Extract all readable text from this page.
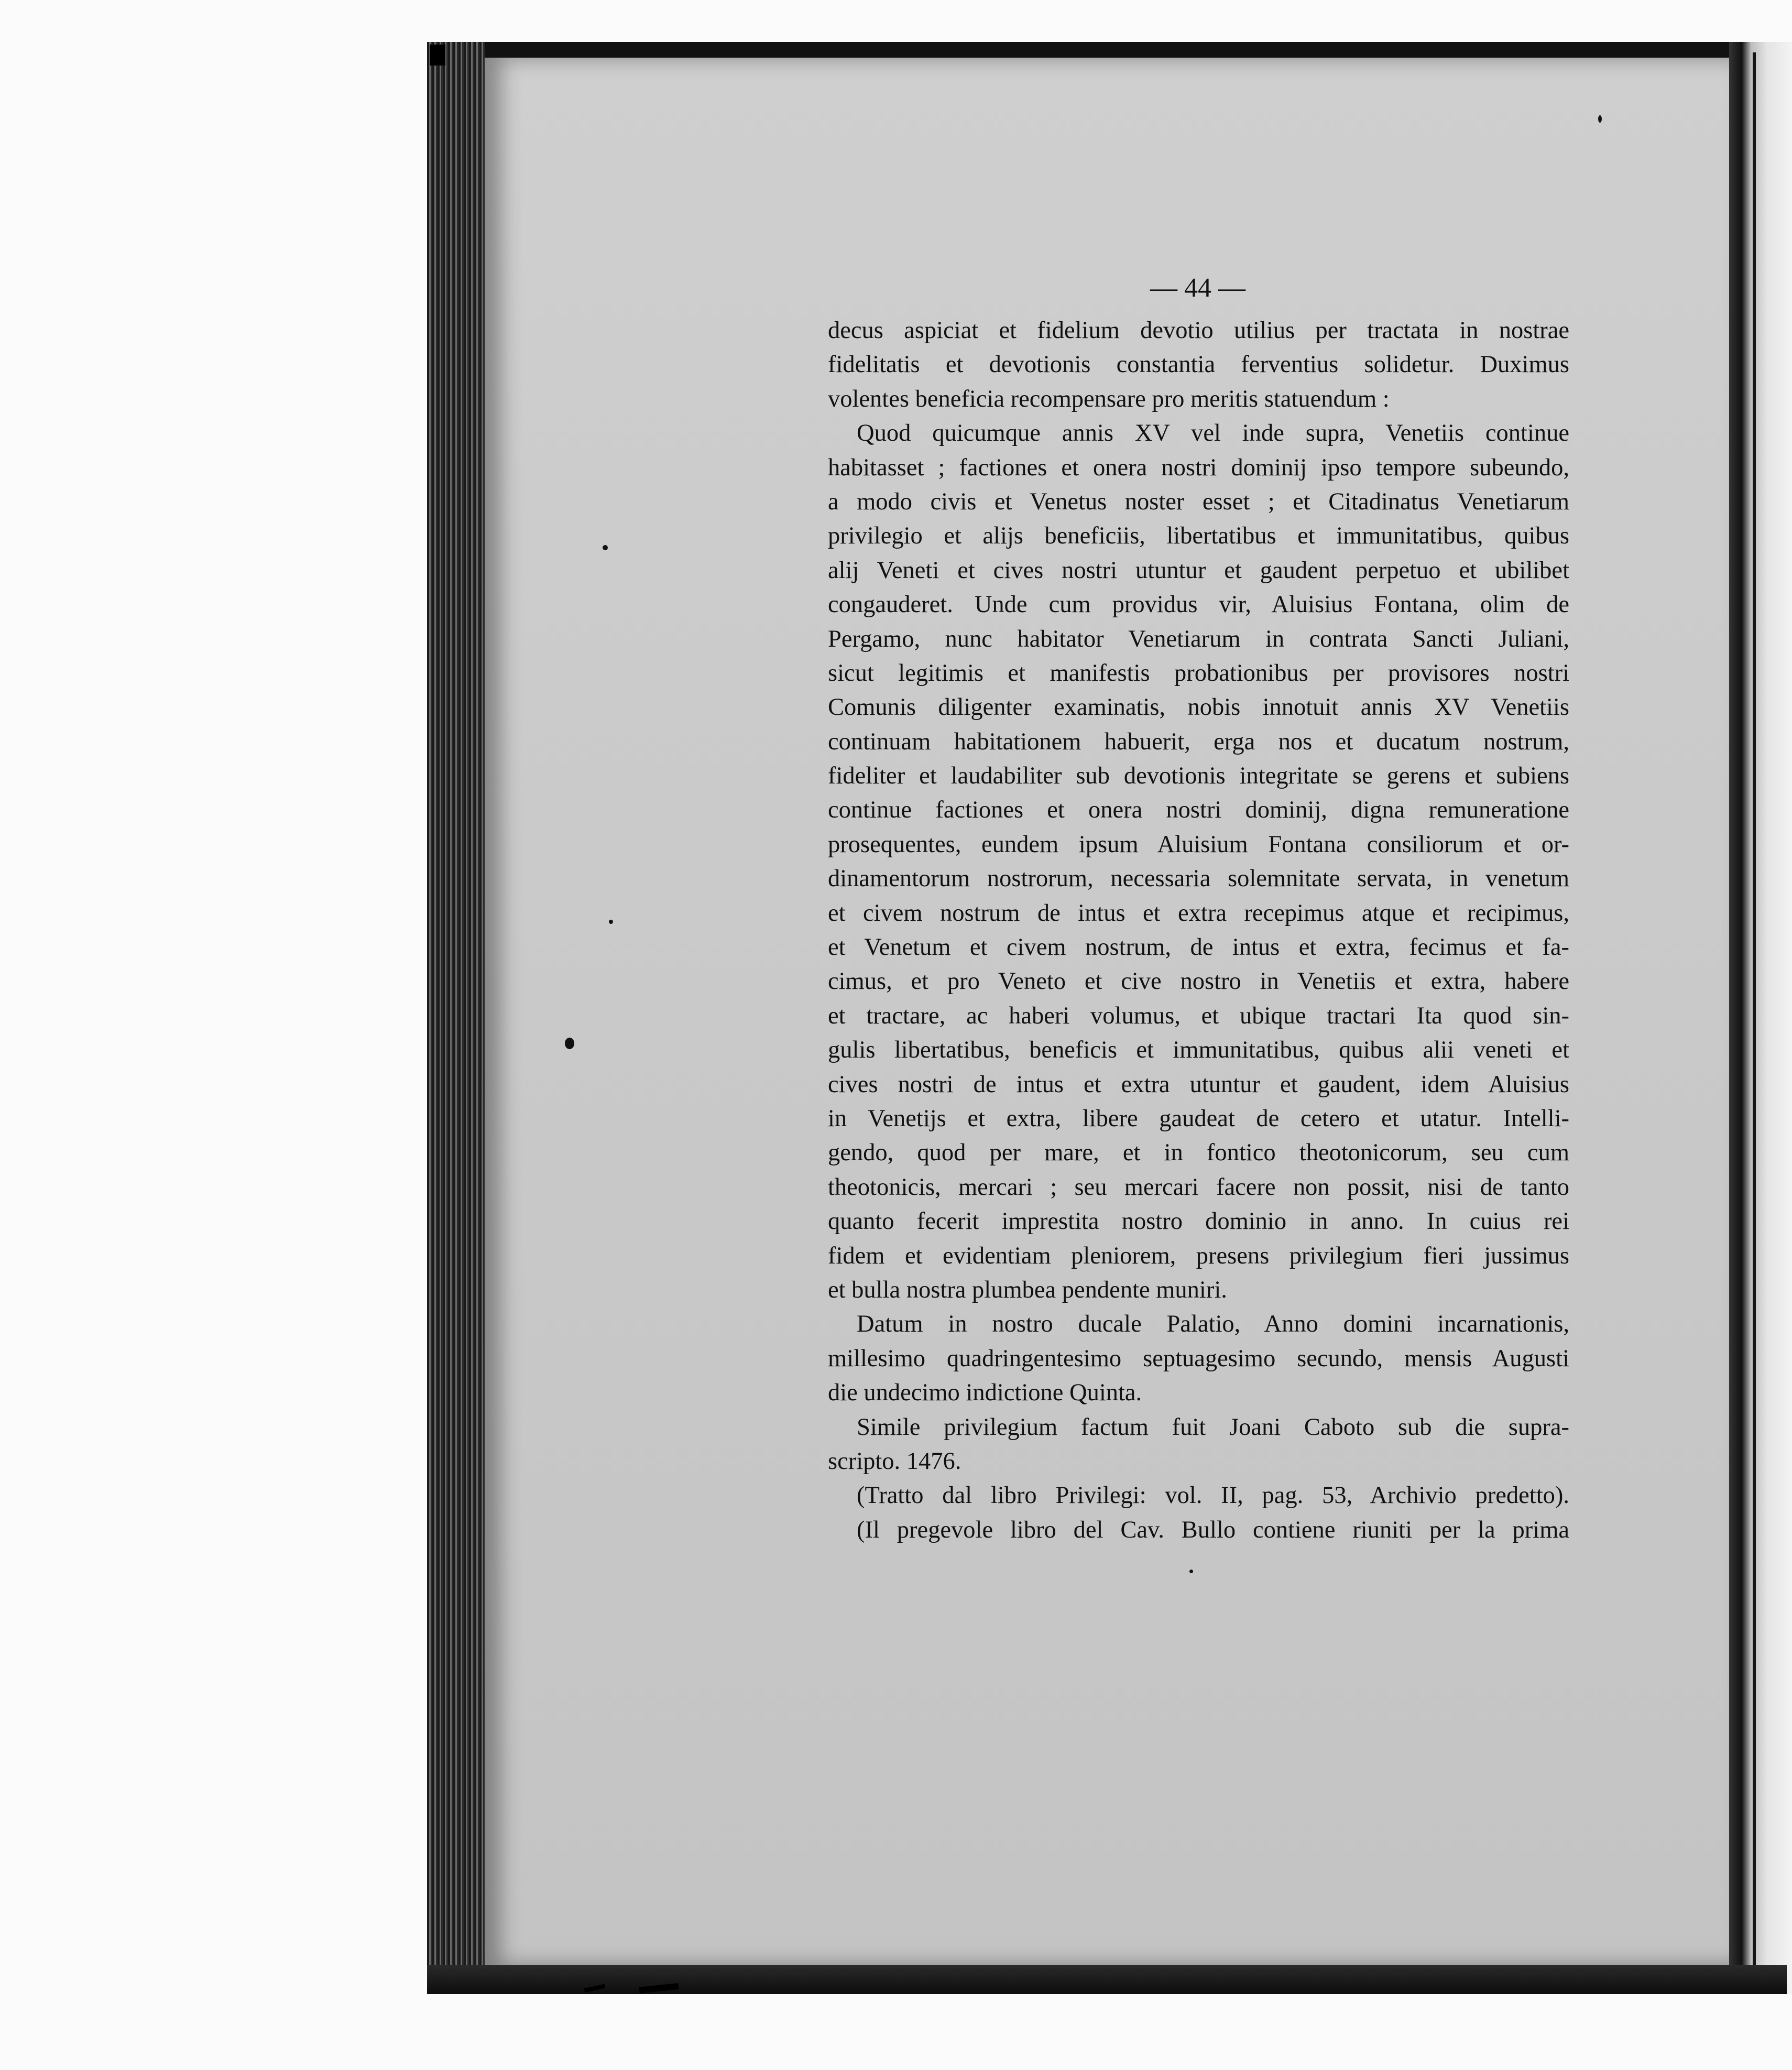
— 44 —
decus aspiciat et fidelium devotio utilius per tractata in nostrae
fidelitatis et devotionis constantia ferventius solidetur. Duximus
volentes beneficia recompensare pro meritis statuendum :
Quod quicumque annis XV vel inde supra, Venetiis continue
habitasset ; factiones et onera nostri dominij ipso tempore subeundo,
a modo civis et Venetus noster esset ; et Citadinatus Venetiarum
privilegio et alijs beneficiis, libertatibus et immunitatibus, quibus
alij Veneti et cives nostri utuntur et gaudent perpetuo et ubilibet
congauderet. Unde cum providus vir, Aluisius Fontana, olim de
Pergamo, nunc habitator Venetiarum in contrata Sancti Juliani,
sicut legitimis et manifestis probationibus per provisores nostri
Comunis diligenter examinatis, nobis innotuit annis XV Venetiis
continuam habitationem habuerit, erga nos et ducatum nostrum,
fideliter et laudabiliter sub devotionis integritate se gerens et subiens
continue factiones et onera nostri dominij, digna remuneratione
prosequentes, eundem ipsum Aluisium Fontana consiliorum et or-
dinamentorum nostrorum, necessaria solemnitate servata, in venetum
et civem nostrum de intus et extra recepimus atque et recipimus,
et Venetum et civem nostrum, de intus et extra, fecimus et fa-
cimus, et pro Veneto et cive nostro in Venetiis et extra, habere
et tractare, ac haberi volumus, et ubique tractari Ita quod sin-
gulis libertatibus, beneficis et immunitatibus, quibus alii veneti et
cives nostri de intus et extra utuntur et gaudent, idem Aluisius
in Venetijs et extra, libere gaudeat de cetero et utatur. Intelli-
gendo, quod per mare, et in fontico theotonicorum, seu cum
theotonicis, mercari ; seu mercari facere non possit, nisi de tanto
quanto fecerit imprestita nostro dominio in anno. In cuius rei
fidem et evidentiam pleniorem, presens privilegium fieri jussimus
et bulla nostra plumbea pendente muniri.
Datum in nostro ducale Palatio, Anno domini incarnationis,
millesimo quadringentesimo septuagesimo secundo, mensis Augusti
die undecimo indictione Quinta.
Simile privilegium factum fuit Joani Caboto sub die supra-
scripto. 1476.
(Tratto dal libro Privilegi: vol. II, pag. 53, Archivio predetto).
(Il pregevole libro del Cav. Bullo contiene riuniti per la prima
